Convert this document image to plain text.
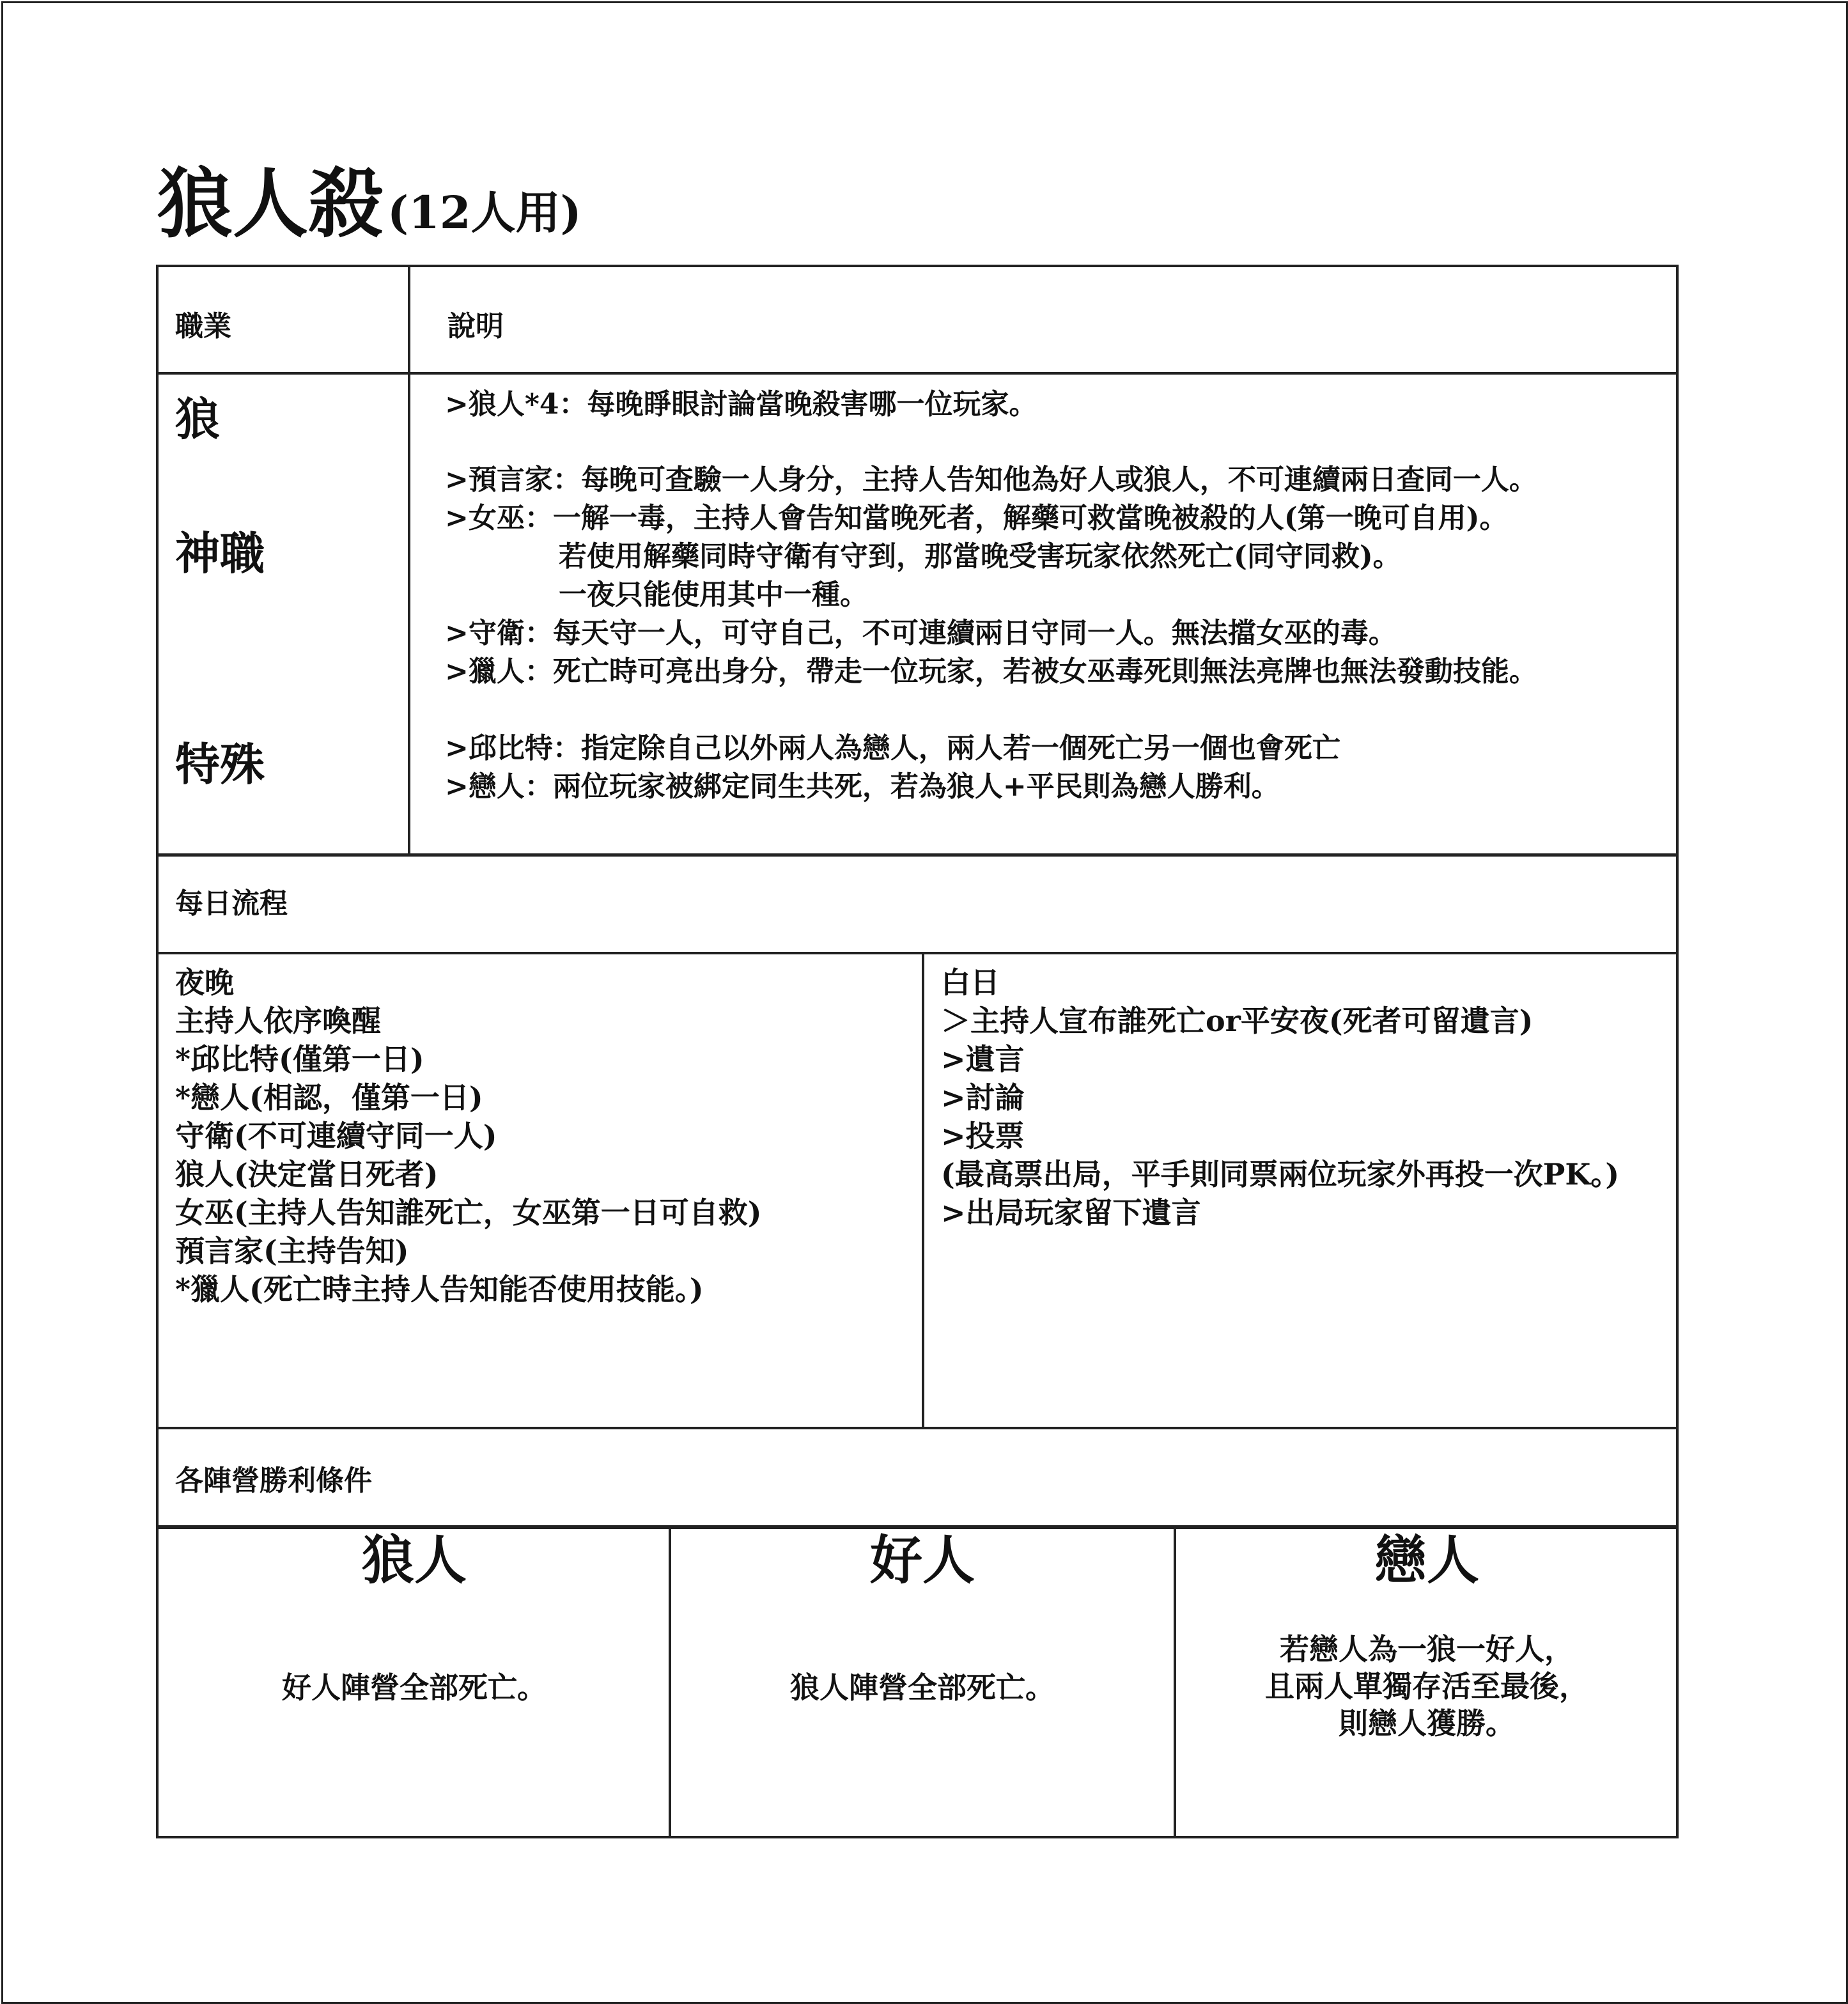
狼人殺 (12人用)
職業	說明
狼
神職
特殊
>狼人*4：每晚睜眼討論當晚殺害哪一位玩家。
>預言家：每晚可查驗一人身分，主持人告知他為好人或狼人，不可連續兩日查同一人。
>女巫：一解一毒，主持人會告知當晚死者，解藥可救當晚被殺的人(第一晚可自用)。
若使用解藥同時守衛有守到，那當晚受害玩家依然死亡(同守同救)。
一夜只能使用其中一種。
>守衛：每天守一人，可守自己，不可連續兩日守同一人。無法擋女巫的毒。
>獵人：死亡時可亮出身分，帶走一位玩家，若被女巫毒死則無法亮牌也無法發動技能。
>邱比特：指定除自己以外兩人為戀人，兩人若一個死亡另一個也會死亡
>戀人：兩位玩家被綁定同生共死，若為狼人+平民則為戀人勝利。
每日流程
夜晚
主持人依序喚醒
*邱比特(僅第一日)
*戀人(相認，僅第一日)
守衛(不可連續守同一人)
狼人(決定當日死者)
女巫(主持人告知誰死亡，女巫第一日可自救)
預言家(主持告知)
*獵人(死亡時主持人告知能否使用技能。)
白日
＞主持人宣布誰死亡or平安夜(死者可留遺言)
>遺言
>討論
>投票
(最高票出局，平手則同票兩位玩家外再投一次PK。)
>出局玩家留下遺言
各陣營勝利條件
狼人
好人陣營全部死亡。
好人
狼人陣營全部死亡。
戀人
若戀人為一狼一好人，
且兩人單獨存活至最後，
則戀人獲勝。
